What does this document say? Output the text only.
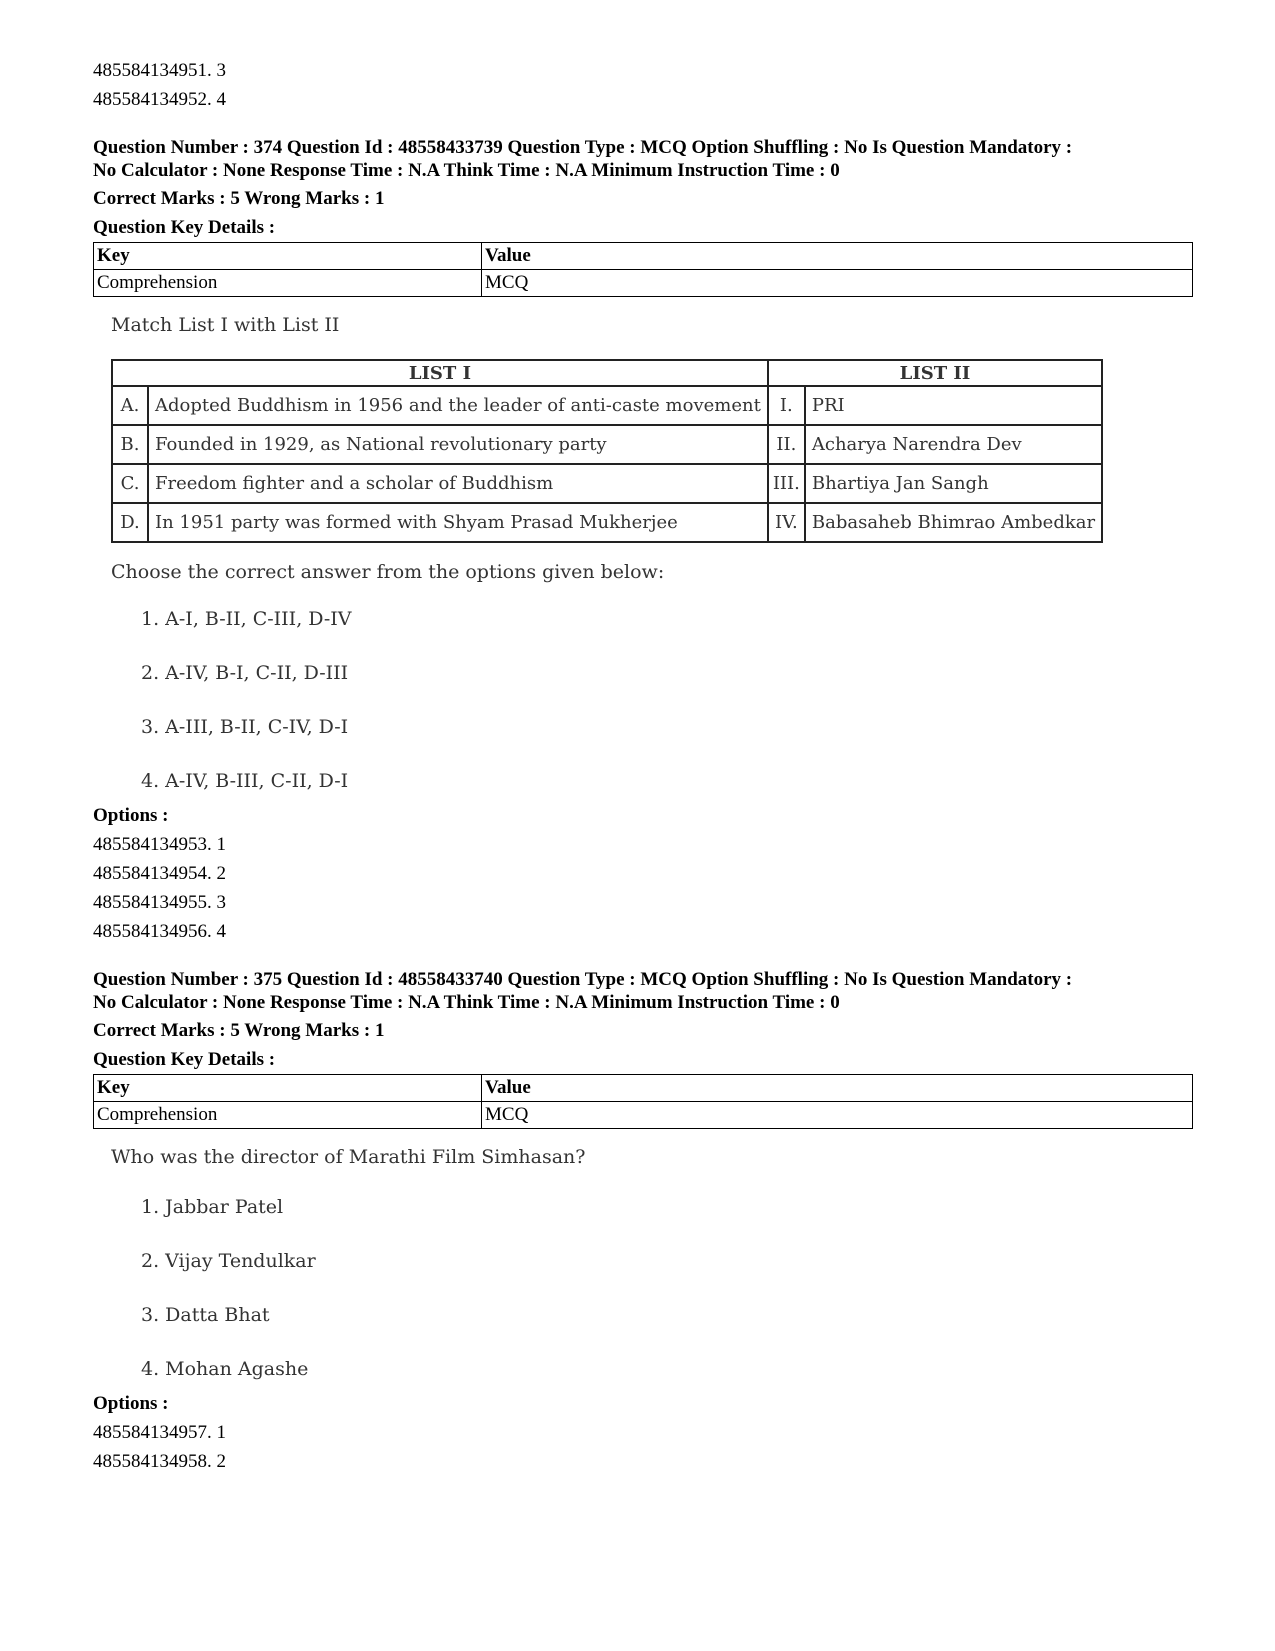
485584134951. 3
485584134952. 4
Question Number : 374 Question Id : 48558433739 Question Type : MCQ Option Shuffling : No Is Question Mandatory :
No Calculator : None Response Time : N.A Think Time : N.A Minimum Instruction Time : 0
Correct Marks : 5 Wrong Marks : 1
Question Key Details :
Key	Value
Comprehension	MCQ
Match List I with List II
LIST I		LIST II	
A.	Adopted Buddhism in 1956 and the leader of anti-caste movement	I.	PRI
B.	Founded in 1929, as National revolutionary party	II.	Acharya Narendra Dev
C.	Freedom fighter and a scholar of Buddhism	III.	Bhartiya Jan Sangh
D.	In 1951 party was formed with Shyam Prasad Mukherjee	IV.	Babasaheb Bhimrao Ambedkar
Choose the correct answer from the options given below:
1. A-I, B-II, C-III, D-IV
2. A-IV, B-I, C-II, D-III
3. A-III, B-II, C-IV, D-I
4. A-IV, B-III, C-II, D-I
Options :
485584134953. 1
485584134954. 2
485584134955. 3
485584134956. 4
Question Number : 375 Question Id : 48558433740 Question Type : MCQ Option Shuffling : No Is Question Mandatory :
No Calculator : None Response Time : N.A Think Time : N.A Minimum Instruction Time : 0
Correct Marks : 5 Wrong Marks : 1
Question Key Details :
Key	Value
Comprehension	MCQ
Who was the director of Marathi Film Simhasan?
1. Jabbar Patel
2. Vijay Tendulkar
3. Datta Bhat
4. Mohan Agashe
Options :
485584134957. 1
485584134958. 2
